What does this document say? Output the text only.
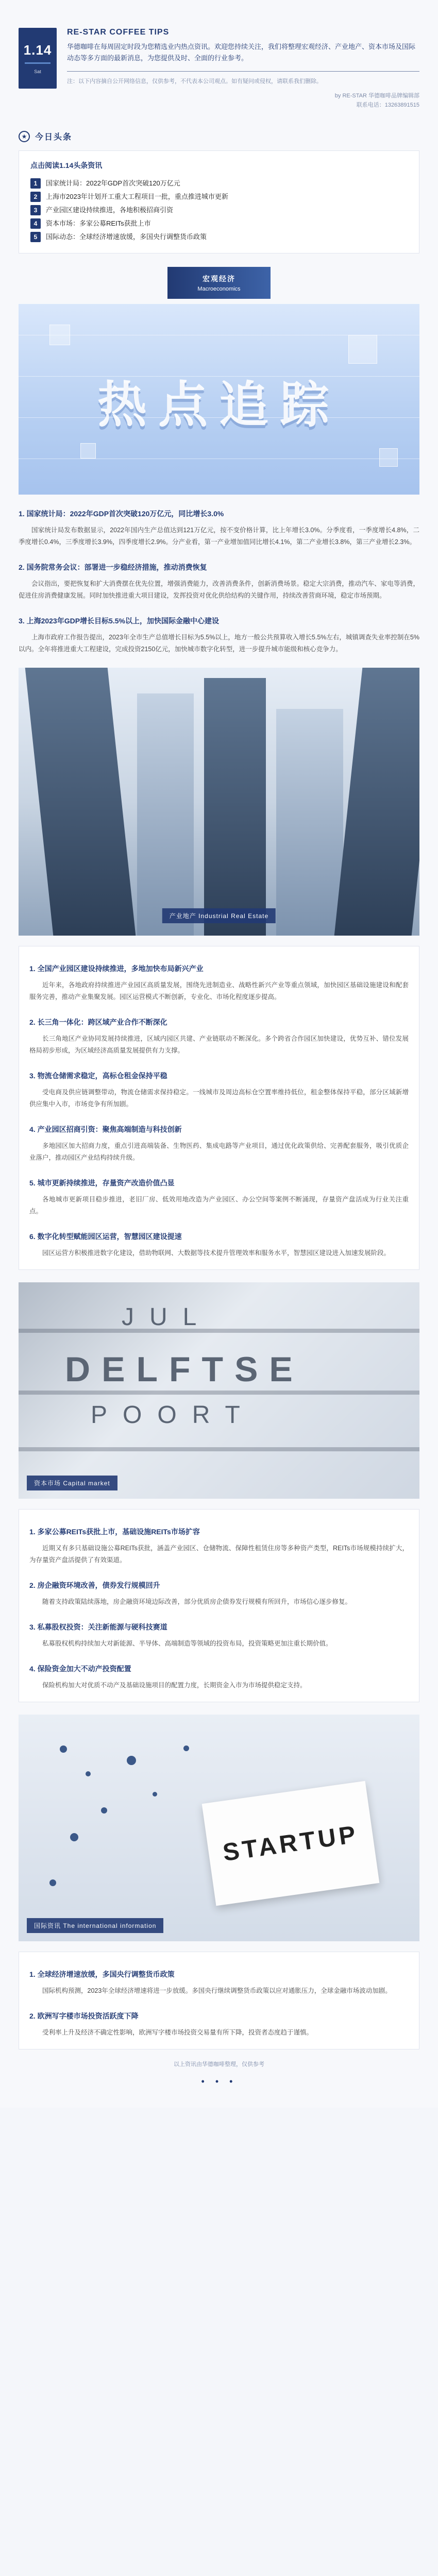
1.14
Sat
RE-STAR COFFEE TIPS
华德咖啡在每周固定时段为您精选业内热点资讯。欢迎您持续关注，我们将整理宏观经济、产业地产、资本市场及国际动态等多方面的最新消息，为您提供及时、全面的行业参考。
注：以下内容摘自公开网络信息，仅供参考，不代表本公司观点。如有疑问或侵权，请联系我们删除。
by RE-STAR 华德咖啡品牌编辑部
联系电话：13263891515
★ 今日头条
点击阅读1.14头条资讯
1	国家统计局：2022年GDP首次突破120万亿元
2	上海市2023年计划开工重大工程项目一批，重点推进城市更新
3	产业园区建设持续推进，各地积极招商引资
4	资本市场：多家公募REITs获批上市
5	国际动态：全球经济增速放缓，多国央行调整货币政策
宏观经济
Macroeconomics
热点追踪
1. 国家统计局：2022年GDP首次突破120万亿元，同比增长3.0%

国家统计局发布数据显示，2022年国内生产总值达到121万亿元，按不变价格计算，比上年增长3.0%。分季度看，一季度增长4.8%，二季度增长0.4%，三季度增长3.9%，四季度增长2.9%。分产业看，第一产业增加值同比增长4.1%，第二产业增长3.8%，第三产业增长2.3%。

2. 国务院常务会议：部署进一步稳经济措施，推动消费恢复

会议指出，要把恢复和扩大消费摆在优先位置，增强消费能力，改善消费条件，创新消费场景。稳定大宗消费，推动汽车、家电等消费，促进住房消费健康发展。同时加快推进重大项目建设，发挥投资对优化供给结构的关键作用，持续改善营商环境，稳定市场预期。

3. 上海2023年GDP增长目标5.5%以上，加快国际金融中心建设

上海市政府工作报告提出，2023年全市生产总值增长目标为5.5%以上，地方一般公共预算收入增长5.5%左右，城镇调查失业率控制在5%以内。全年将推进重大工程建设，完成投资2150亿元，加快城市数字化转型，进一步提升城市能级和核心竞争力。

产业地产 Industrial Real Estate
1. 全国产业园区建设持续推进，多地加快布局新兴产业

近年来，各地政府持续推进产业园区高质量发展，围绕先进制造业、战略性新兴产业等重点领域，加快园区基础设施建设和配套服务完善，推动产业集聚发展。园区运营模式不断创新，专业化、市场化程度逐步提高。

2. 长三角一体化：跨区域产业合作不断深化

长三角地区产业协同发展持续推进，区域内园区共建、产业链联动不断深化。多个跨省合作园区加快建设，优势互补、错位发展格局初步形成，为区域经济高质量发展提供有力支撑。

3. 物流仓储需求稳定，高标仓租金保持平稳

受电商及供应链调整带动，物流仓储需求保持稳定。一线城市及周边高标仓空置率维持低位，租金整体保持平稳，部分区域新增供应集中入市，市场竞争有所加剧。

4. 产业园区招商引资：聚焦高端制造与科技创新

多地园区加大招商力度，重点引进高端装备、生物医药、集成电路等产业项目，通过优化政策供给、完善配套服务，吸引优质企业落户，推动园区产业结构持续升级。

5. 城市更新持续推进，存量资产改造价值凸显

各地城市更新项目稳步推进，老旧厂房、低效用地改造为产业园区、办公空间等案例不断涌现，存量资产盘活成为行业关注重点。

6. 数字化转型赋能园区运营，智慧园区建设提速

园区运营方积极推进数字化建设，借助物联网、大数据等技术提升管理效率和服务水平，智慧园区建设进入加速发展阶段。

JUL
DELFTSE
POORT
资本市场 Capital market
1. 多家公募REITs获批上市，基础设施REITs市场扩容

近期又有多只基础设施公募REITs获批，涵盖产业园区、仓储物流、保障性租赁住房等多种资产类型，REITs市场规模持续扩大，为存量资产盘活提供了有效渠道。

2. 房企融资环境改善，债券发行规模回升

随着支持政策陆续落地，房企融资环境边际改善，部分优质房企债券发行规模有所回升，市场信心逐步修复。

3. 私募股权投资：关注新能源与硬科技赛道

私募股权机构持续加大对新能源、半导体、高端制造等领域的投资布局，投资策略更加注重长期价值。

4. 保险资金加大不动产投资配置

保险机构加大对优质不动产及基础设施项目的配置力度，长期资金入市为市场提供稳定支持。

STARTUP
国际资讯 The international information
1. 全球经济增速放缓，多国央行调整货币政策

国际机构预测，2023年全球经济增速将进一步放缓。多国央行继续调整货币政策以应对通胀压力，全球金融市场波动加剧。

2. 欧洲写字楼市场投资活跃度下降

受利率上升及经济不确定性影响，欧洲写字楼市场投资交易量有所下降，投资者态度趋于谨慎。

以上资讯由华德咖啡整理，仅供参考
• • •
